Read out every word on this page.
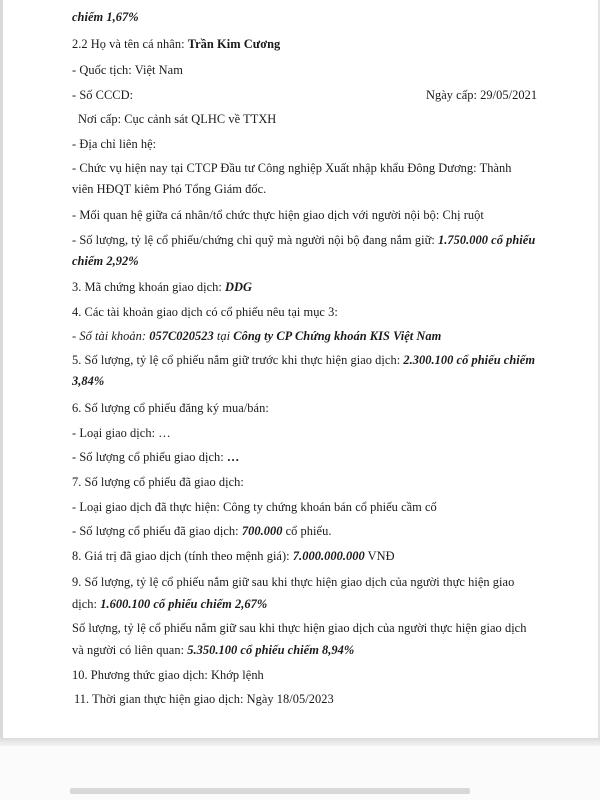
chiếm 1,67%
2.2 Họ và tên cá nhân: Trần Kim Cương
- Quốc tịch: Việt Nam
- Số CCCD:	Ngày cấp: 29/05/2021
Nơi cấp: Cục cảnh sát QLHC về TTXH
- Địa chỉ liên hệ:
- Chức vụ hiện nay tại CTCP Đầu tư Công nghiệp Xuất nhập khẩu Đông Dương: Thành
viên HĐQT kiêm Phó Tổng Giám đốc.
- Mối quan hệ giữa cá nhân/tổ chức thực hiện giao dịch với người nội bộ: Chị ruột
- Số lượng, tỷ lệ cổ phiếu/chứng chỉ quỹ mà người nội bộ đang nắm giữ: 1.750.000 cổ phiếu
chiếm 2,92%
3. Mã chứng khoán giao dịch: DDG
4. Các tài khoản giao dịch có cổ phiếu nêu tại mục 3:
- Số tài khoản: 057C020523 tại Công ty CP Chứng khoán KIS Việt Nam
5. Số lượng, tỷ lệ cổ phiếu nắm giữ trước khi thực hiện giao dịch: 2.300.100 cổ phiếu chiếm
3,84%
6. Số lượng cổ phiếu đăng ký mua/bán:
- Loại giao dịch: …
- Số lượng cổ phiếu giao dịch: …
7. Số lượng cổ phiếu đã giao dịch:
- Loại giao dịch đã thực hiện: Công ty chứng khoán bán cổ phiếu cầm cố
- Số lượng cổ phiếu đã giao dịch: 700.000 cổ phiếu.
8. Giá trị đã giao dịch (tính theo mệnh giá): 7.000.000.000 VNĐ
9. Số lượng, tỷ lệ cổ phiếu nắm giữ sau khi thực hiện giao dịch của người thực hiện giao
dịch: 1.600.100 cổ phiếu chiếm 2,67%
Số lượng, tỷ lệ cổ phiếu nắm giữ sau khi thực hiện giao dịch của người thực hiện giao dịch
và người có liên quan: 5.350.100 cổ phiếu chiếm 8,94%
10. Phương thức giao dịch: Khớp lệnh
11. Thời gian thực hiện giao dịch: Ngày 18/05/2023
